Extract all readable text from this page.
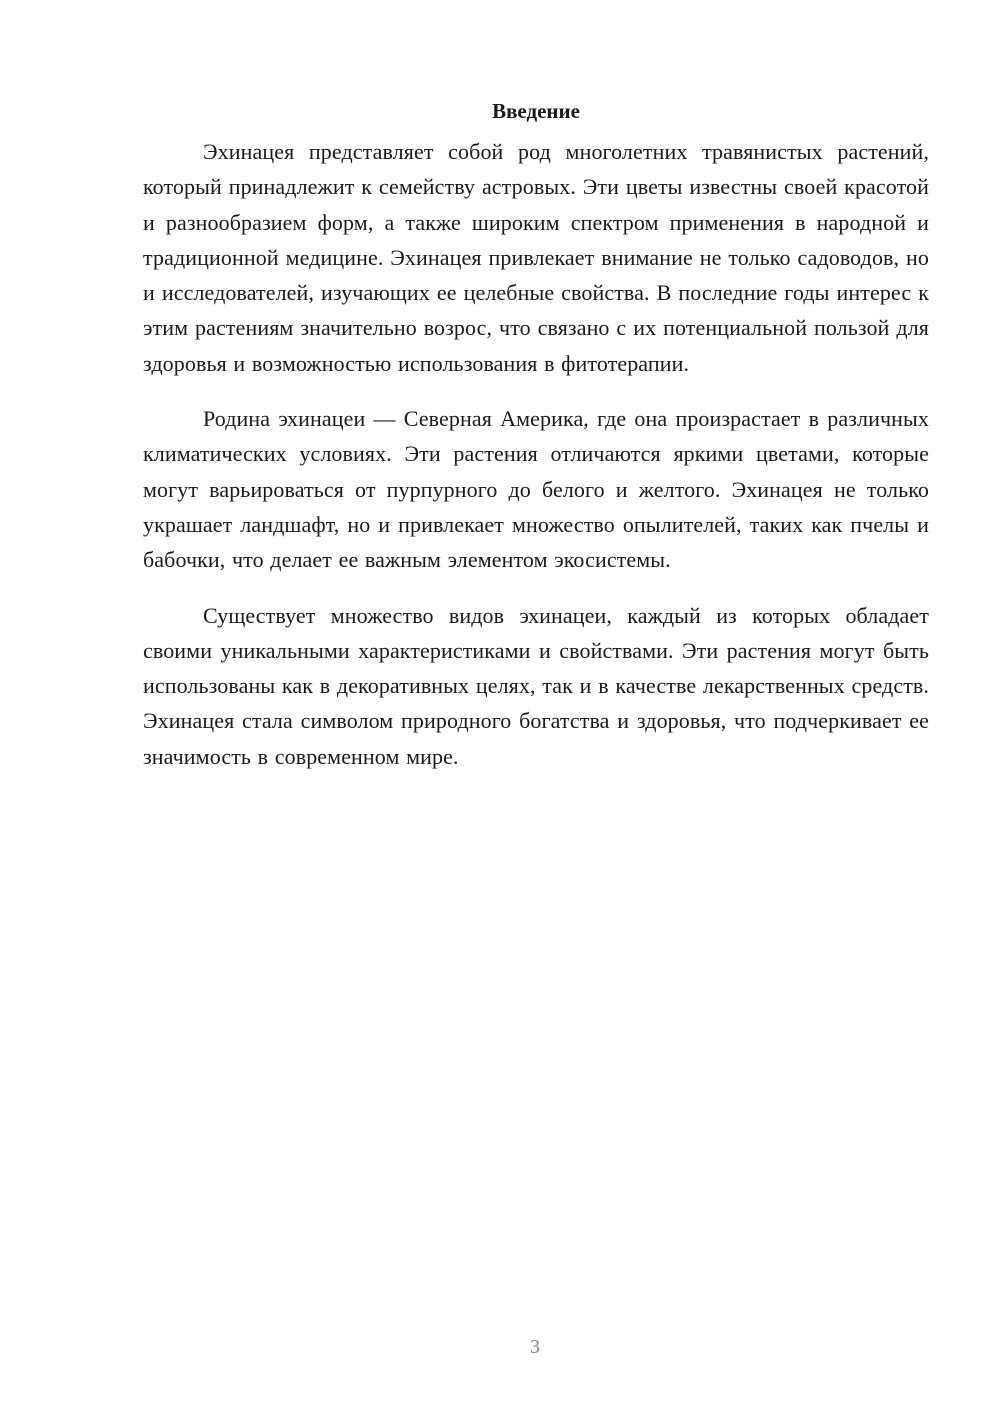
Введение

Эхинацея представляет собой род многолетних травянистых растений, который принадлежит к семейству астровых. Эти цветы известны своей красотой и разнообразием форм, а также широким спектром применения в народной и традиционной медицине. Эхинацея привлекает внимание не только садоводов, но и исследователей, изучающих ее целебные свойства. В последние годы интерес к этим растениям значительно возрос, что связано с их потенциальной пользой для здоровья и возможностью использования в фитотерапии.

Родина эхинацеи — Северная Америка, где она произрастает в различных климатических условиях. Эти растения отличаются яркими цветами, которые могут варьироваться от пурпурного до белого и желтого. Эхинацея не только украшает ландшафт, но и привлекает множество опылителей, таких как пчелы и бабочки, что делает ее важным элементом экосистемы.

Существует множество видов эхинацеи, каждый из которых обладает своими уникальными характеристиками и свойствами. Эти растения могут быть использованы как в декоративных целях, так и в качестве лекарственных средств. Эхинацея стала символом природного богатства и здоровья, что подчеркивает ее значимость в современном мире.

3
